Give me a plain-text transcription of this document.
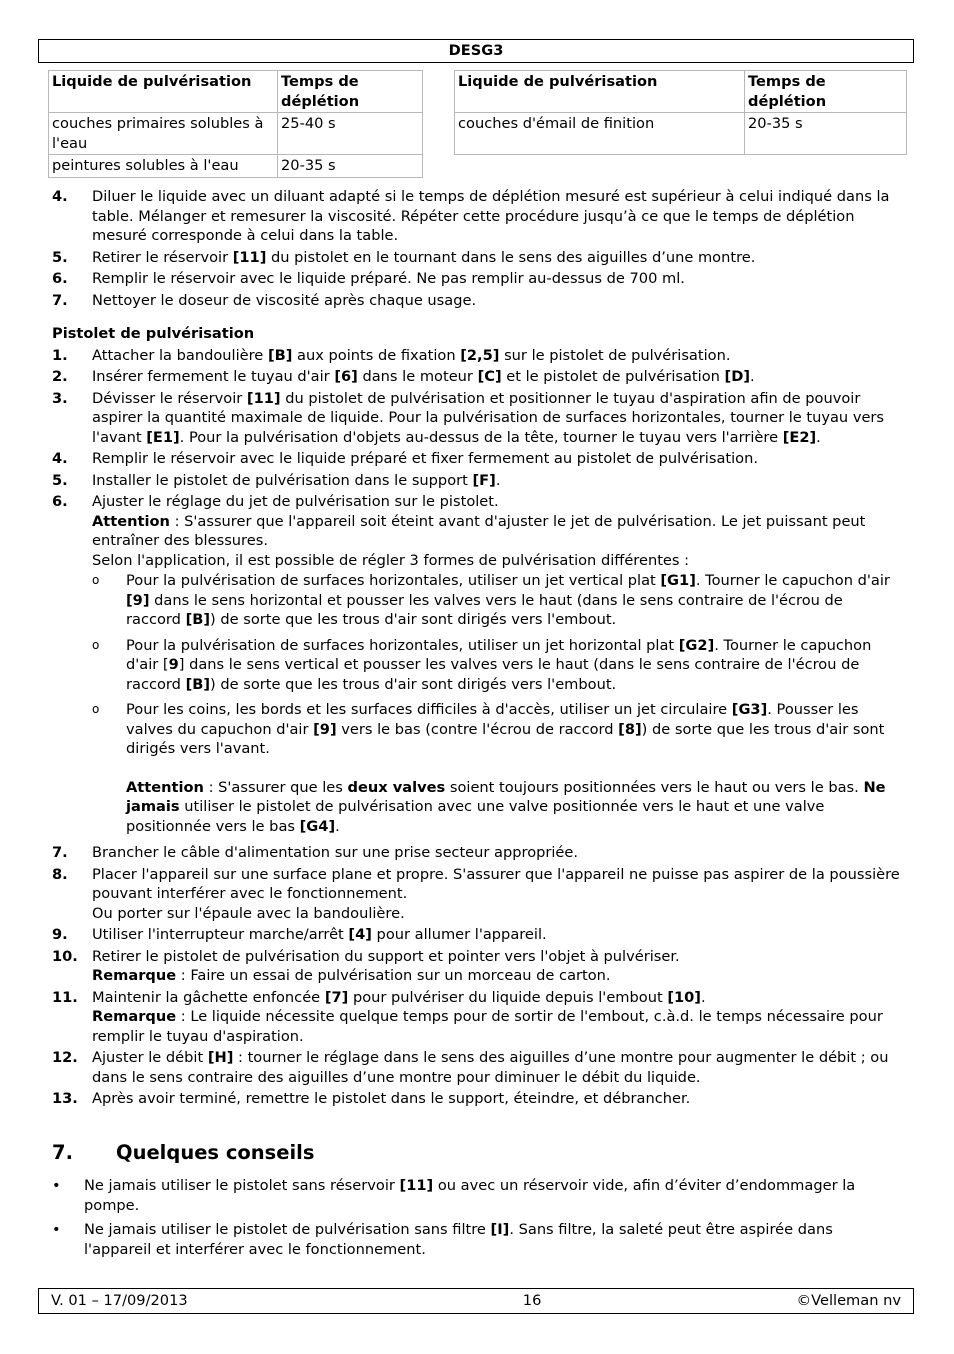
DESG3
Liquide de pulvérisation	Temps de déplétion
couches primaires solubles à l'eau	25-40 s
peintures solubles à l'eau	20-35 s
Liquide de pulvérisation	Temps de déplétion
couches d'émail de finition	20-35 s
4.	Diluer le liquide avec un diluant adapté si le temps de déplétion mesuré est supérieur à celui indiqué dans la table. Mélanger et remesurer la viscosité. Répéter cette procédure jusqu’à ce que le temps de déplétion mesuré corresponde à celui dans la table.
5.	Retirer le réservoir [11] du pistolet en le tournant dans le sens des aiguilles d’une montre.
6.	Remplir le réservoir avec le liquide préparé. Ne pas remplir au-dessus de 700 ml.
7.	Nettoyer le doseur de viscosité après chaque usage.
Pistolet de pulvérisation
1.	Attacher la bandoulière [B] aux points de fixation [2,5] sur le pistolet de pulvérisation.
2.	Insérer fermement le tuyau d'air [6] dans le moteur [C] et le pistolet de pulvérisation [D].
3.	Dévisser le réservoir [11] du pistolet de pulvérisation et positionner le tuyau d'aspiration afin de pouvoir aspirer la quantité maximale de liquide. Pour la pulvérisation de surfaces horizontales, tourner le tuyau vers l'avant [E1]. Pour la pulvérisation d'objets au-dessus de la tête, tourner le tuyau vers l'arrière [E2].
4.	Remplir le réservoir avec le liquide préparé et fixer fermement au pistolet de pulvérisation.
5.	Installer le pistolet de pulvérisation dans le support [F].
6.	Ajuster le réglage du jet de pulvérisation sur le pistolet.
Attention : S'assurer que l'appareil soit éteint avant d'ajuster le jet de pulvérisation. Le jet puissant peut entraîner des blessures.
Selon l'application, il est possible de régler 3 formes de pulvérisation différentes :
o	Pour la pulvérisation de surfaces horizontales, utiliser un jet vertical plat [G1]. Tourner le capuchon d'air [9] dans le sens horizontal et pousser les valves vers le haut (dans le sens contraire de l'écrou de raccord [B]) de sorte que les trous d'air sont dirigés vers l'embout.
o	Pour la pulvérisation de surfaces horizontales, utiliser un jet horizontal plat [G2]. Tourner le capuchon d'air [9] dans le sens vertical et pousser les valves vers le haut (dans le sens contraire de l'écrou de raccord [B]) de sorte que les trous d'air sont dirigés vers l'embout.
o	Pour les coins, les bords et les surfaces difficiles à d'accès, utiliser un jet circulaire [G3]. Pousser les valves du capuchon d'air [9] vers le bas (contre l'écrou de raccord [8]) de sorte que les trous d'air sont dirigés vers l'avant.
Attention : S'assurer que les deux valves soient toujours positionnées vers le haut ou vers le bas. Ne jamais utiliser le pistolet de pulvérisation avec une valve positionnée vers le haut et une valve positionnée vers le bas [G4].
7.	Brancher le câble d'alimentation sur une prise secteur appropriée.
8.	Placer l'appareil sur une surface plane et propre. S'assurer que l'appareil ne puisse pas aspirer de la poussière pouvant interférer avec le fonctionnement.
Ou porter sur l'épaule avec la bandoulière.
9.	Utiliser l'interrupteur marche/arrêt [4] pour allumer l'appareil.
10. Retirer le pistolet de pulvérisation du support et pointer vers l'objet à pulvériser.
Remarque : Faire un essai de pulvérisation sur un morceau de carton.
11. Maintenir la gâchette enfoncée [7] pour pulvériser du liquide depuis l'embout [10].
Remarque : Le liquide nécessite quelque temps pour de sortir de l'embout, c.à.d. le temps nécessaire pour remplir le tuyau d'aspiration.
12. Ajuster le débit [H] : tourner le réglage dans le sens des aiguilles d’une montre pour augmenter le débit ; ou dans le sens contraire des aiguilles d’une montre pour diminuer le débit du liquide.
13. Après avoir terminé, remettre le pistolet dans le support, éteindre, et débrancher.
7. Quelques conseils
•	Ne jamais utiliser le pistolet sans réservoir [11] ou avec un réservoir vide, afin d’éviter d’endommager la pompe.
•	Ne jamais utiliser le pistolet de pulvérisation sans filtre [I]. Sans filtre, la saleté peut être aspirée dans l'appareil et interférer avec le fonctionnement.
V. 01 – 17/09/2013	16	©Velleman nv
